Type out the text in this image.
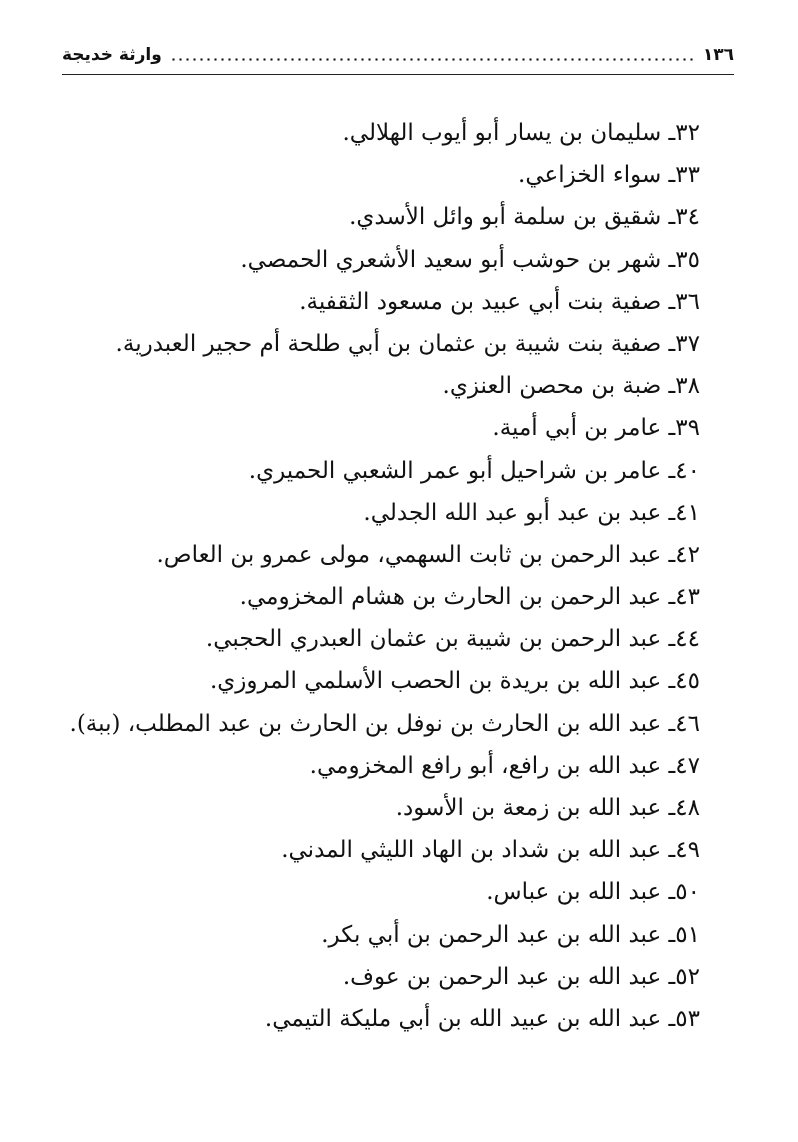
١٣٦
وارثة خديجة
٣٢ـ سليمان بن يسار أبو أيوب الهلالي.
٣٣ـ سواء الخزاعي.
٣٤ـ شقيق بن سلمة أبو وائل الأسدي.
٣٥ـ شهر بن حوشب أبو سعيد الأشعري الحمصي.
٣٦ـ صفية بنت أبي عبيد بن مسعود الثقفية.
٣٧ـ صفية بنت شيبة بن عثمان بن أبي طلحة أم حجير العبدرية.
٣٨ـ ضبة بن محصن العنزي.
٣٩ـ عامر بن أبي أمية.
٤٠ـ عامر بن شراحيل أبو عمر الشعبي الحميري.
٤١ـ عبد بن عبد أبو عبد الله الجدلي.
٤٢ـ عبد الرحمن بن ثابت السهمي، مولى عمرو بن العاص.
٤٣ـ عبد الرحمن بن الحارث بن هشام المخزومي.
٤٤ـ عبد الرحمن بن شيبة بن عثمان العبدري الحجبي.
٤٥ـ عبد الله بن بريدة بن الحصب الأسلمي المروزي.
٤٦ـ عبد الله بن الحارث بن نوفل بن الحارث بن عبد المطلب، (ببة).
٤٧ـ عبد الله بن رافع، أبو رافع المخزومي.
٤٨ـ عبد الله بن زمعة بن الأسود.
٤٩ـ عبد الله بن شداد بن الهاد الليثي المدني.
٥٠ـ عبد الله بن عباس.
٥١ـ عبد الله بن عبد الرحمن بن أبي بكر.
٥٢ـ عبد الله بن عبد الرحمن بن عوف.
٥٣ـ عبد الله بن عبيد الله بن أبي مليكة التيمي.
